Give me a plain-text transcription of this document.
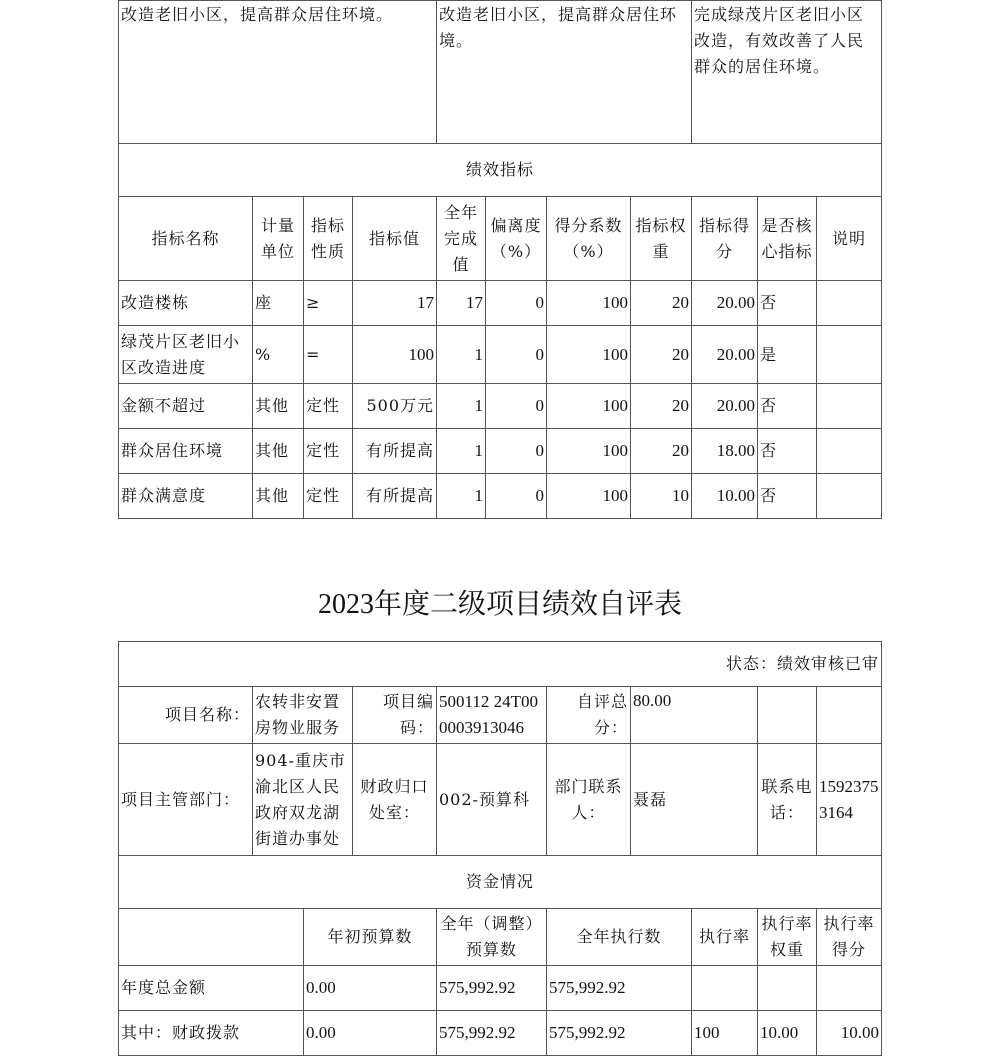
改造老旧小区，提高群众居住环境。				改造老旧小区，提高群众居住环境。				完成绿茂片区老旧小区改造，有效改善了人民群众的居住环境。		
绩效指标										
指标名称	计量单位	指标性质	指标值	全年完成值	偏离度（%）	得分系数（%）	指标权重	指标得分	是否核心指标	说明
改造楼栋	座	≥	17	17	0	100	20	20.00	否	
绿茂片区老旧小区改造进度	%	=	100	1	0	100	20	20.00	是	
金额不超过	其他	定性	500万元	1	0	100	20	20.00	否	
群众居住环境	其他	定性	有所提高	1	0	100	20	18.00	否	
群众满意度	其他	定性	有所提高	1	0	100	10	10.00	否	
2023年度二级项目绩效自评表
状态：绩效审核已审									
项目名称：	农转非安置房物业服务		项目编码：	500112 24T000003913046	自评总分：	80.00			
项目主管部门：	904-重庆市渝北区人民政府双龙湖街道办事处		财政归口处室：	002-预算科	部门联系人：	聂磊		联系电话：	15923753164
资金情况									
		年初预算数		全年（调整）预算数	全年执行数		执行率	执行率权重	执行率得分
年度总金额		0.00		575,992.92	575,992.92				
其中：财政拨款		0.00		575,992.92	575,992.92		100	10.00	10.00
